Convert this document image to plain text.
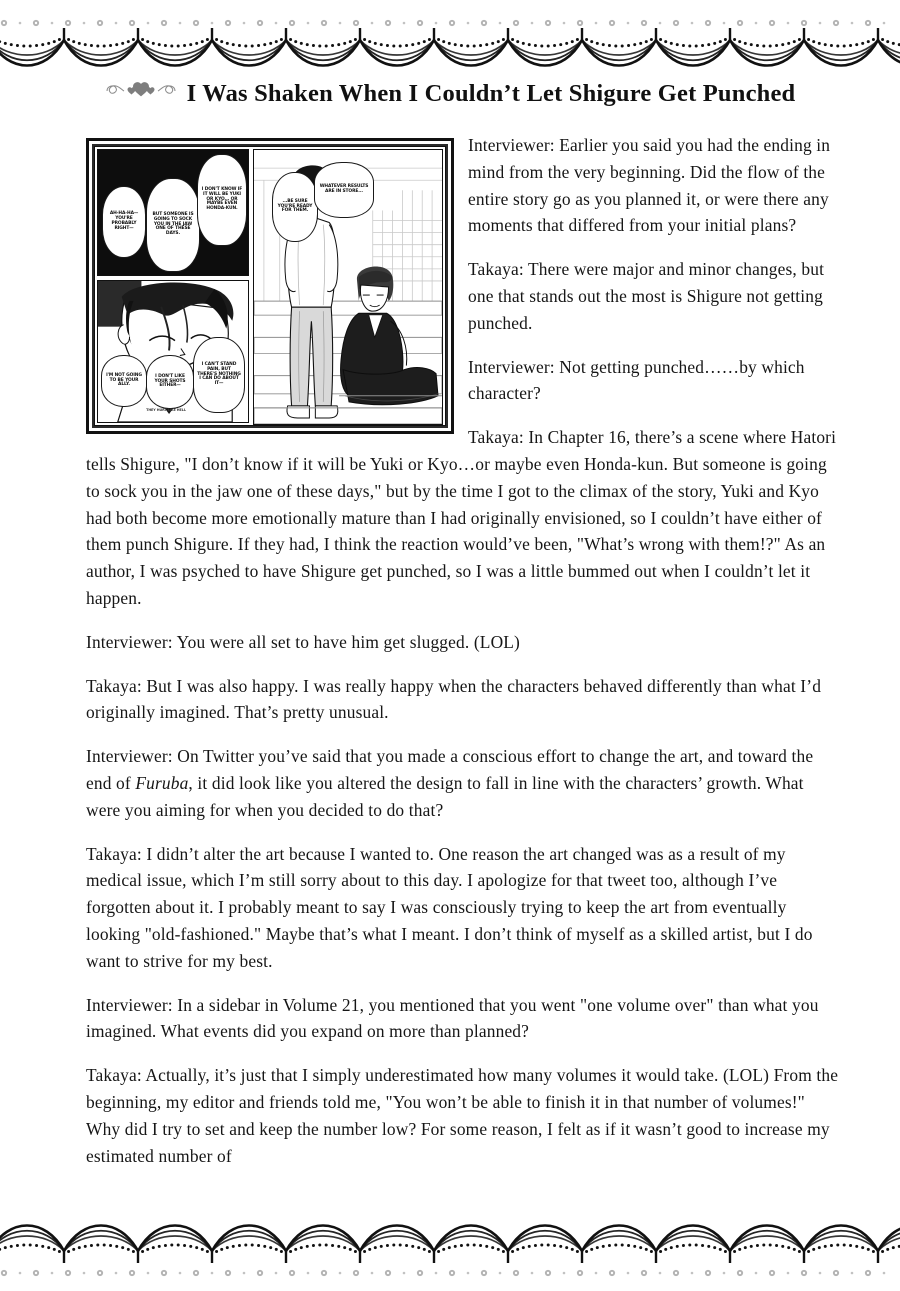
I Was Shaken When I Couldn’t Let Shigure Get Punched
AH-HA-HA— YOU'RE PROBABLY RIGHT—
BUT SOMEONE IS GOING TO SOCK YOU IN THE JAW ONE OF THESE DAYS.
I DON'T KNOW IF IT WILL BE YUKI OR KYO... OR MAYBE EVEN HONDA-KUN.
I'M NOT GOING TO BE YOUR ALLY.
I DON'T LIKE YOUR SHOTS EITHER—
I CAN'T STAND PAIN, BUT THERE'S NOTHING I CAN DO ABOUT IT—
THEY HURT LIKE HELL
...BE SURE YOU'RE READY FOR THEM.
WHATEVER RESULTS ARE IN STORE...

Interviewer: Earlier you said you had the ending in mind from the very beginning. Did the flow of the entire story go as you planned it, or were there any moments that differed from your initial plans?

Takaya: There were major and minor changes, but one that stands out the most is Shigure not getting punched.

Interviewer: Not getting punched……by which character?

Takaya: In Chapter 16, there’s a scene where Hatori tells Shigure, "I don’t know if it will be Yuki or Kyo…or maybe even Honda-kun. But someone is going to sock you in the jaw one of these days," but by the time I got to the climax of the story, Yuki and Kyo had both become more emotionally mature than I had originally envisioned, so I couldn’t have either of them punch Shigure. If they had, I think the reaction would’ve been, "What’s wrong with them!?" As an author, I was psyched to have Shigure get punched, so I was a little bummed out when I couldn’t let it happen.

Interviewer: You were all set to have him get slugged. (LOL)

Takaya: But I was also happy. I was really happy when the characters behaved differently than what I’d originally imagined. That’s pretty unusual.

Interviewer: On Twitter you’ve said that you made a conscious effort to change the art, and toward the end of Furuba, it did look like you altered the design to fall in line with the characters’ growth. What were you aiming for when you decided to do that?

Takaya: I didn’t alter the art because I wanted to. One reason the art changed was as a result of my medical issue, which I’m still sorry about to this day. I apologize for that tweet too, although I’ve forgotten about it. I probably meant to say I was consciously trying to keep the art from eventually looking "old-fashioned." Maybe that’s what I meant. I don’t think of myself as a skilled artist, but I do want to strive for my best.

Interviewer: In a sidebar in Volume 21, you mentioned that you went "one volume over" than what you imagined. What events did you expand on more than planned?

Takaya: Actually, it’s just that I simply underestimated how many volumes it would take. (LOL) From the beginning, my editor and friends told me, "You won’t be able to finish it in that number of volumes!" Why did I try to set and keep the number low? For some reason, I felt as if it wasn’t good to increase my estimated number of
